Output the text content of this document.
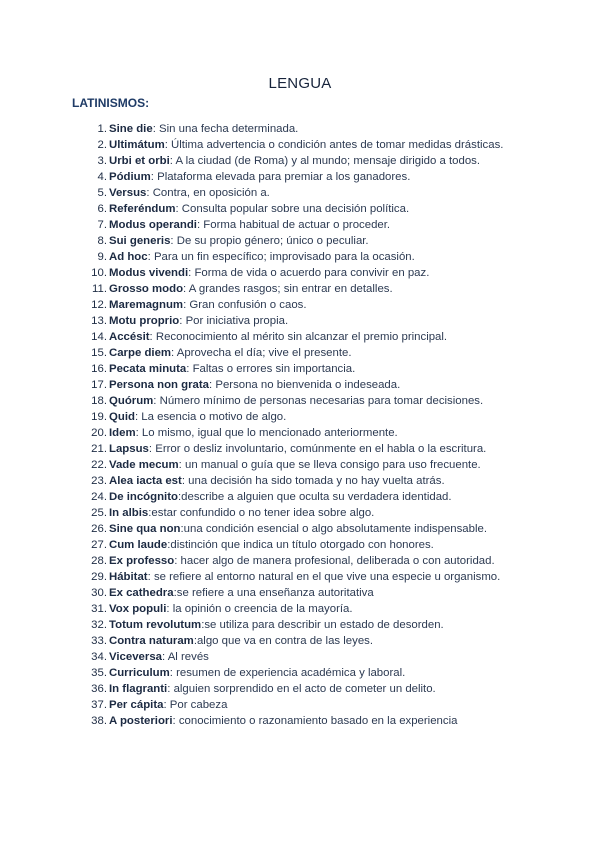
LENGUA
LATINISMOS:
1. Sine die: Sin una fecha determinada.
2. Ultimátum: Última advertencia o condición antes de tomar medidas drásticas.
3. Urbi et orbi: A la ciudad (de Roma) y al mundo; mensaje dirigido a todos.
4. Pódium: Plataforma elevada para premiar a los ganadores.
5. Versus: Contra, en oposición a.
6. Referéndum: Consulta popular sobre una decisión política.
7. Modus operandi: Forma habitual de actuar o proceder.
8. Sui generis: De su propio género; único o peculiar.
9. Ad hoc: Para un fin específico; improvisado para la ocasión.
10. Modus vivendi: Forma de vida o acuerdo para convivir en paz.
11. Grosso modo: A grandes rasgos; sin entrar en detalles.
12. Maremagnum: Gran confusión o caos.
13. Motu proprio: Por iniciativa propia.
14. Accésit: Reconocimiento al mérito sin alcanzar el premio principal.
15. Carpe diem: Aprovecha el día; vive el presente.
16. Pecata minuta: Faltas o errores sin importancia.
17. Persona non grata: Persona no bienvenida o indeseada.
18. Quórum: Número mínimo de personas necesarias para tomar decisiones.
19. Quid: La esencia o motivo de algo.
20. Idem: Lo mismo, igual que lo mencionado anteriormente.
21. Lapsus: Error o desliz involuntario, comúnmente en el habla o la escritura.
22. Vade mecum: un manual o guía que se lleva consigo para uso frecuente.
23. Alea iacta est: una decisión ha sido tomada y no hay vuelta atrás.
24. De incógnito:describe a alguien que oculta su verdadera identidad.
25. In albis:estar confundido o no tener idea sobre algo.
26. Sine qua non:una condición esencial o algo absolutamente indispensable.
27. Cum laude:distinción que indica un título otorgado con honores.
28. Ex professo: hacer algo de manera profesional, deliberada o con autoridad.
29. Hábitat: se refiere al entorno natural en el que vive una especie u organismo.
30. Ex cathedra:se refiere a una enseñanza autoritativa
31. Vox populi: la opinión o creencia de la mayoría.
32. Totum revolutum:se utiliza para describir un estado de desorden.
33. Contra naturam:algo que va en contra de las leyes.
34. Viceversa: Al revés
35. Curriculum: resumen de experiencia académica y laboral.
36. In flagranti: alguien sorprendido en el acto de cometer un delito.
37. Per cápita: Por cabeza
38. A posteriori: conocimiento o razonamiento basado en la experiencia
